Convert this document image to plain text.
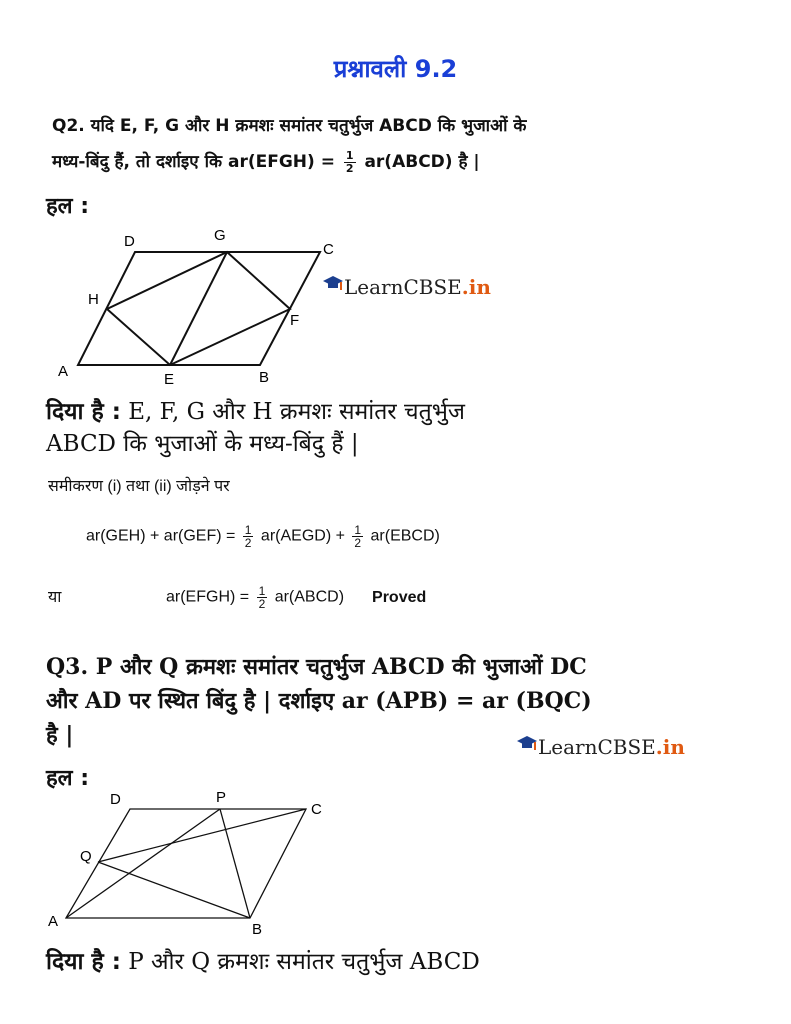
प्रश्नावली 9.2
Q2. यदि E, F, G और H क्रमशः समांतर चतुर्भुज ABCD कि भुजाओं के
मध्य-बिंदु हैं, तो दर्शाइए कि ar(EFGH) = $\frac{1}{2}$ ar(ABCD) है |
हल :
D	G
C
H
F
A	E	B
LearnCBSE.in
दिया है : E, F, G और H क्रमशः समांतर चतुर्भुज
ABCD कि भुजाओं के मध्य-बिंदु हैं |
समीकरण (i) तथा (ii) जोड़ने पर
$ar(GEH) + ar(GEF) = \frac{1}{2}$ ar(AEGD) + $\frac{1}{2}$ ar(EBCD)
या	ar(EFGH) = $\frac{1}{2}$ ar(ABCD) Proved
Q3. P और Q क्रमशः समांतर चतुर्भुज ABCD की भुजाओं DC
और AD पर स्थित बिंदु है | दर्शाइए ar (APB) = ar (BQC)
है |	LearnCBSE.in
हल :
D	P
C
Q
A	B
दिया है : P और Q क्रमशः समांतर चतुर्भुज ABCD
